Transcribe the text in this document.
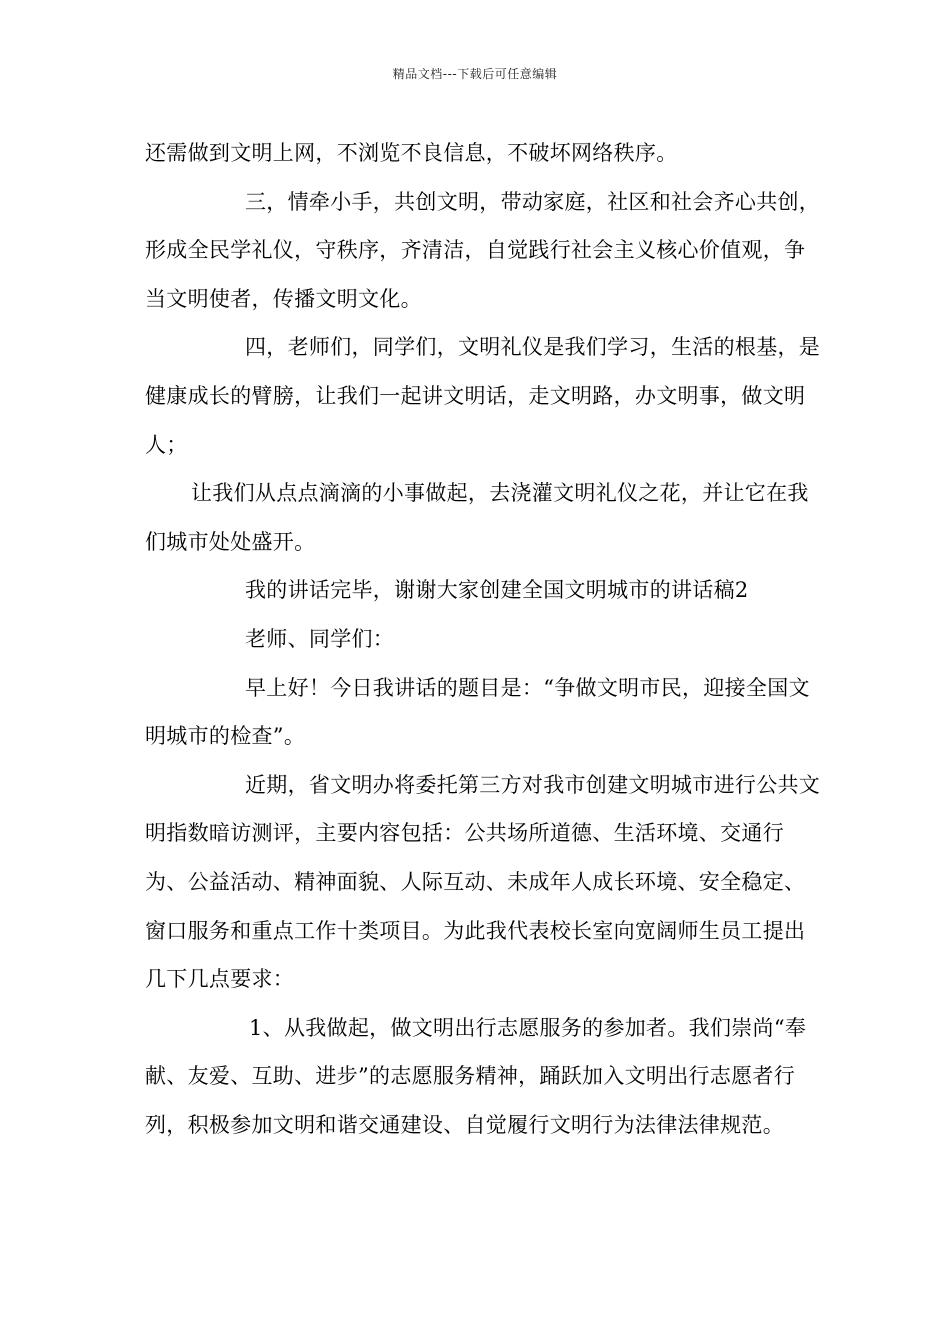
精品文档---下载后可任意编辑

还需做到文明上网，不浏览不良信息，不破坏网络秩序。

三，情牵小手，共创文明，带动家庭，社区和社会齐心共创，形成全民学礼仪，守秩序，齐清洁，自觉践行社会主义核心价值观，争当文明使者，传播文明文化。

四，老师们，同学们，文明礼仪是我们学习，生活的根基，是健康成长的臂膀，让我们一起讲文明话，走文明路，办文明事，做文明人；

让我们从点点滴滴的小事做起，去浇灌文明礼仪之花，并让它在我们城市处处盛开。

我的讲话完毕，谢谢大家创建全国文明城市的讲话稿2

老师、同学们：

早上好！今日我讲话的题目是：“争做文明市民，迎接全国文明城市的检查”。

近期，省文明办将委托第三方对我市创建文明城市进行公共文明指数暗访测评，主要内容包括：公共场所道德、生活环境、交通行为、公益活动、精神面貌、人际互动、未成年人成长环境、安全稳定、窗口服务和重点工作十类项目。为此我代表校长室向宽阔师生员工提出几下几点要求：

1、从我做起，做文明出行志愿服务的参加者。我们崇尚“奉献、友爱、互助、进步”的志愿服务精神，踊跃加入文明出行志愿者行列，积极参加文明和谐交通建设、自觉履行文明行为法律法律规范。
